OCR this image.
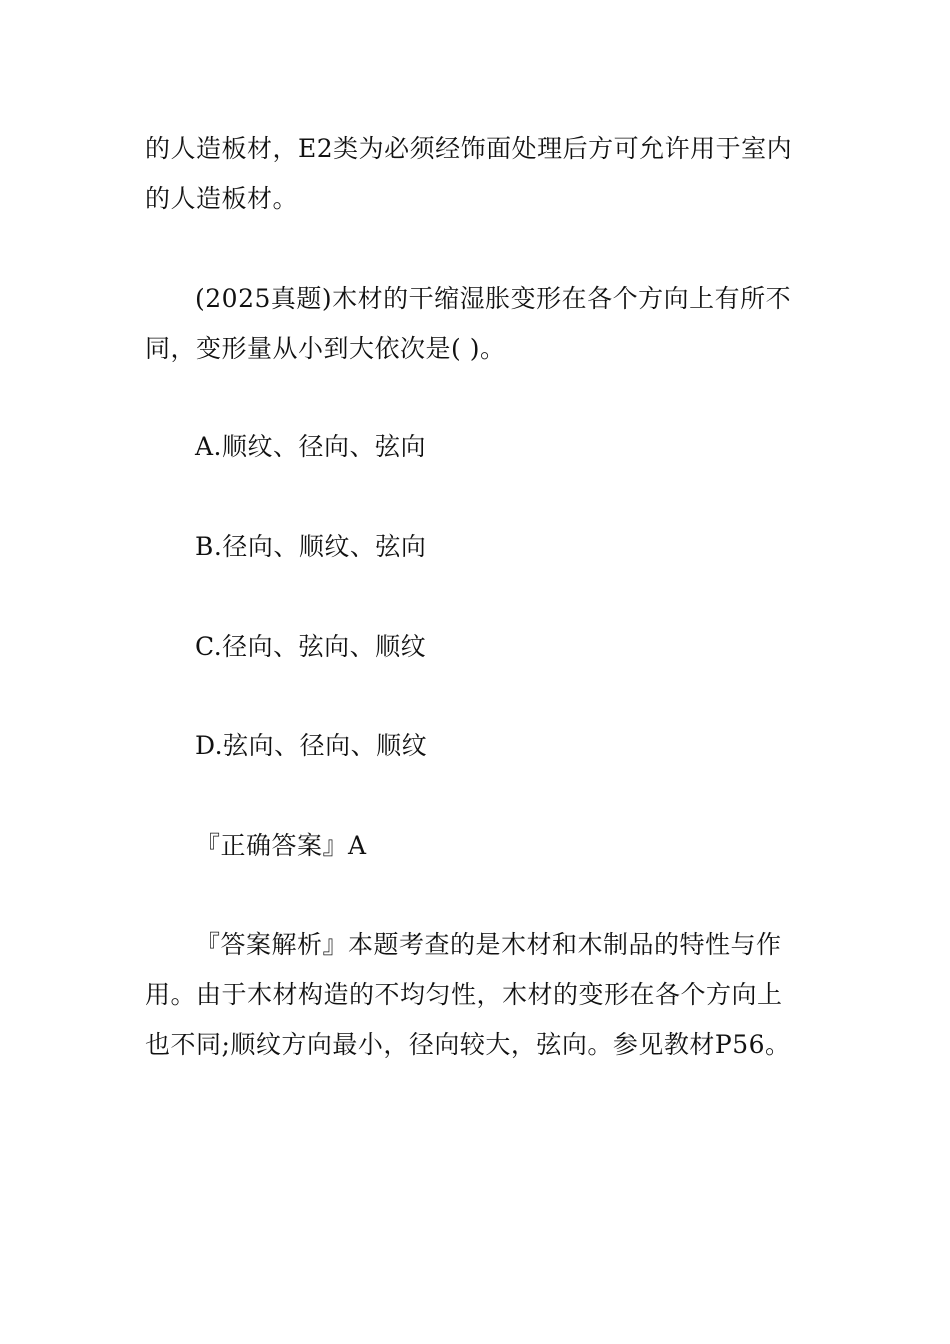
的人造板材，E2类为必须经饰面处理后方可允许用于室内
的人造板材。
(2025真题)木材的干缩湿胀变形在各个方向上有所不
同，变形量从小到大依次是( )。
A.顺纹、径向、弦向
B.径向、顺纹、弦向
C.径向、弦向、顺纹
D.弦向、径向、顺纹
『正确答案』A
『答案解析』本题考查的是木材和木制品的特性与作
用。由于木材构造的不均匀性，木材的变形在各个方向上
也不同;顺纹方向最小，径向较大，弦向。参见教材P56。
